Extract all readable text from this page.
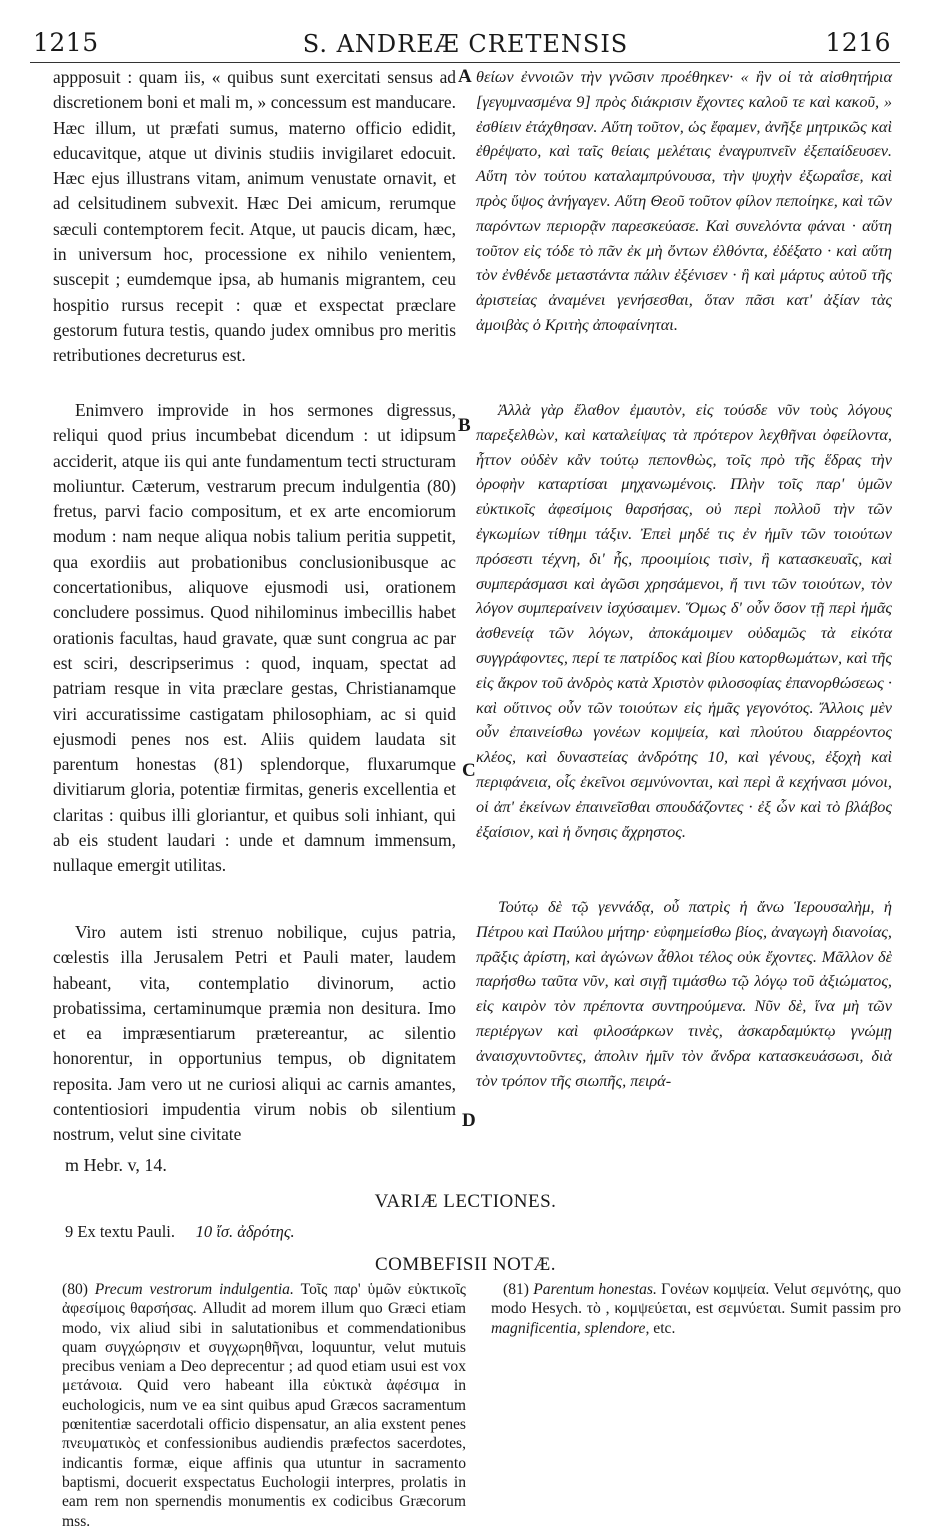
1215	S. ANDREÆ CRETENSIS	1216

appposuit : quam iis, « quibus sunt exercitati sensus ad discretionem boni et mali m, » concessum est manducare. Hæc illum, ut præfati sumus, materno officio edidit, educavitque, atque ut divinis studiis invigilaret edocuit. Hæc ejus illustrans vitam, animum venustate ornavit, et ad celsitudinem subvexit. Hæc Dei amicum, rerumque sæculi contemptorem fecit. Atque, ut paucis dicam, hæc, in universum hoc, processione ex nihilo venientem, suscepit ; eumdemque ipsa, ab humanis migrantem, ceu hospitio rursus recepit : quæ et exspectat præclare gestorum futura testis, quando judex omnibus pro meritis retributiones decreturus est.

θείων ἐννοιῶν τὴν γνῶσιν προέθηκεν· « ἣν οἱ τὰ αἰσθητήρια [γεγυμνασμένα 9] πρὸς διάκρισιν ἔχοντες καλοῦ τε καὶ κακοῦ, » ἐσθίειν ἐτάχθησαν. Αὕτη τοῦτον, ὡς ἔφαμεν, ἀνῆξε μητρικῶς καὶ ἐθρέψατο, καὶ ταῖς θείαις μελέταις ἐναγρυπνεῖν ἐξεπαίδευσεν. Αὕτη τὸν τούτου καταλαμπρύνουσα, τὴν ψυχὴν ἐξωραΐσε, καὶ πρὸς ὕψος ἀνήγαγεν. Αὕτη Θεοῦ τοῦτον φίλον πεποίηκε, καὶ τῶν παρόντων περιορᾷν παρεσκεύασε. Καὶ συνελόντα φάναι · αὕτη τοῦτον εἰς τόδε τὸ πᾶν ἐκ μὴ ὄντων ἐλθόντα, ἐδέξατο · καὶ αὕτη τὸν ἐνθένδε μεταστάντα πάλιν ἐξένισεν · ἣ καὶ μάρτυς αὐτοῦ τῆς ἀριστείας ἀναμένει γενήσεσθαι, ὅταν πᾶσι κατ' ἀξίαν τὰς ἀμοιβὰς ὁ Κριτὴς ἀποφαίνηται.

Enimvero improvide in hos sermones digressus, reliqui quod prius incumbebat dicendum : ut idipsum acciderit, atque iis qui ante fundamentum tecti structuram moliuntur. Cæterum, vestrarum precum indulgentia (80) fretus, parvi facio compositum, et ex arte encomiorum modum : nam neque aliqua nobis talium peritia suppetit, qua exordiis aut probationibus conclusionibusque ac concertationibus, aliquove ejusmodi usi, orationem concludere possimus. Quod nihilominus imbecillis habet orationis facultas, haud gravate, quæ sunt congrua ac par est sciri, descripserimus : quod, inquam, spectat ad patriam resque in vita præclare gestas, Christianamque viri accuratissime castigatam philosophiam, ac si quid ejusmodi penes nos est. Aliis quidem laudata sit parentum honestas (81) splendorque, fluxarumque divitiarum gloria, potentiæ firmitas, generis excellentia et claritas : quibus illi gloriantur, et quibus soli inhiant, qui ab eis student laudari : unde et damnum immensum, nullaque emergit utilitas.

Ἀλλὰ γὰρ ἔλαθον ἐμαυτὸν, εἰς τούσδε νῦν τοὺς λόγους παρεξελθὼν, καὶ καταλείψας τὰ πρότερον λεχθῆναι ὀφείλοντα, ἧττον οὐδὲν κἂν τούτῳ πεπονθὼς, τοῖς πρὸ τῆς ἕδρας τὴν ὀροφὴν καταρτίσαι μηχανωμένοις. Πλὴν τοῖς παρ' ὑμῶν εὐκτικοῖς ἀφεσίμοις θαρσήσας, οὐ περὶ πολλοῦ τὴν τῶν ἐγκωμίων τίθημι τάξιν. Ἐπεὶ μηδέ τις ἐν ἡμῖν τῶν τοιούτων πρόσεστι τέχνη, δι' ἧς, προοιμίοις τισὶν, ἢ κατασκευαῖς, καὶ συμπεράσμασι καὶ ἀγῶσι χρησάμενοι, ἤ τινι τῶν τοιούτων, τὸν λόγον συμπεραίνειν ἰσχύσαιμεν. Ὅμως δ' οὖν ὅσον τῇ περὶ ἡμᾶς ἀσθενείᾳ τῶν λόγων, ἀποκάμοιμεν οὐδαμῶς τὰ εἰκότα συγγράφοντες, περί τε πατρίδος καὶ βίου κατορθωμάτων, καὶ τῆς εἰς ἄκρον τοῦ ἀνδρὸς κατὰ Χριστὸν φιλοσοφίας ἐπανορθώσεως · καὶ οὕτινος οὖν τῶν τοιούτων εἰς ἡμᾶς γεγονότος. Ἄλλοις μὲν οὖν ἐπαινείσθω γονέων κομψεία, καὶ πλούτου διαρρέοντος κλέος, καὶ δυναστείας ἀνδρότης 10, καὶ γένους, ἐξοχὴ καὶ περιφάνεια, οἷς ἐκεῖνοι σεμνύνονται, καὶ περὶ ἃ κεχήνασι μόνοι, οἱ ἀπ' ἐκείνων ἐπαινεῖσθαι σπουδάζοντες · ἐξ ὧν καὶ τὸ βλάβος ἐξαίσιον, καὶ ἡ ὄνησις ἄχρηστος.

Viro autem isti strenuo nobilique, cujus patria, cœlestis illa Jerusalem Petri et Pauli mater, laudem habeant, vita, contemplatio divinorum, actio probatissima, certaminumque præmia non desitura. Imo et ea impræsentiarum prætereantur, ac silentio honorentur, in opportunius tempus, ob dignitatem reposita. Jam vero ut ne curiosi aliqui ac carnis amantes, contentiosiori impudentia virum nobis ob silentium nostrum, velut sine civitate

Τούτῳ δὲ τῷ γεννάδᾳ, οὗ πατρὶς ἡ ἄνω Ἱερουσαλὴμ, ἡ Πέτρου καὶ Παύλου μήτηρ· εὐφημείσθω βίος, ἀναγωγὴ διανοίας, πρᾶξις ἀρίστη, καὶ ἀγώνων ἆθλοι τέλος οὐκ ἔχοντες. Μᾶλλον δὲ παρήσθω ταῦτα νῦν, καὶ σιγῇ τιμάσθω τῷ λόγῳ τοῦ ἀξιώματος, εἰς καιρὸν τὸν πρέποντα συντηρούμενα. Νῦν δὲ, ἵνα μὴ τῶν περιέργων καὶ φιλοσάρκων τινὲς, ἀσκαρδαμύκτῳ γνώμῃ ἀναισχυντοῦντες, ἀπολιν ἡμῖν τὸν ἄνδρα κατασκευάσωσι, διὰ τὸν τρόπον τῆς σιωπῆς, πειρά-

A
B
C
D
m Hebr. v, 14.
VARIÆ LECTIONES.
9 Ex textu Pauli. 10 ἴσ. ἀδρότης.
COMBEFISII NOTÆ.
(80) Precum vestrorum indulgentia. Τοῖς παρ' ὑμῶν εὐκτικοῖς ἀφεσίμοις θαρσήσας. Alludit ad morem illum quo Græci etiam modo, vix aliud sibi in salutationibus et commendationibus quam συγχώρησιν et συγχωρηθῆναι, loquuntur, velut mutuis precibus veniam a Deo deprecentur ; ad quod etiam usui est vox μετάνοια. Quid vero habeant illa εὐκτικὰ ἀφέσιμα in euchologicis, num ve ea sint quibus apud Græcos sacramentum pœnitentiæ sacerdotali officio dispensatur, an alia exstent penes πνευματικὸς et confessionibus audiendis præfectos sacerdotes, indicantis formæ, eique affinis qua utuntur in sacramento baptismi, docuerit exspectatus Euchologii interpres, prolatis in eam rem non spernendis monumentis ex codicibus Græcorum mss.
(81) Parentum honestas. Γονέων κομψεία. Velut σεμνότης, quo modo Hesych. τὸ , κομψεύεται, est σεμνύεται. Sumit passim pro magnificentia, splendore, etc.
